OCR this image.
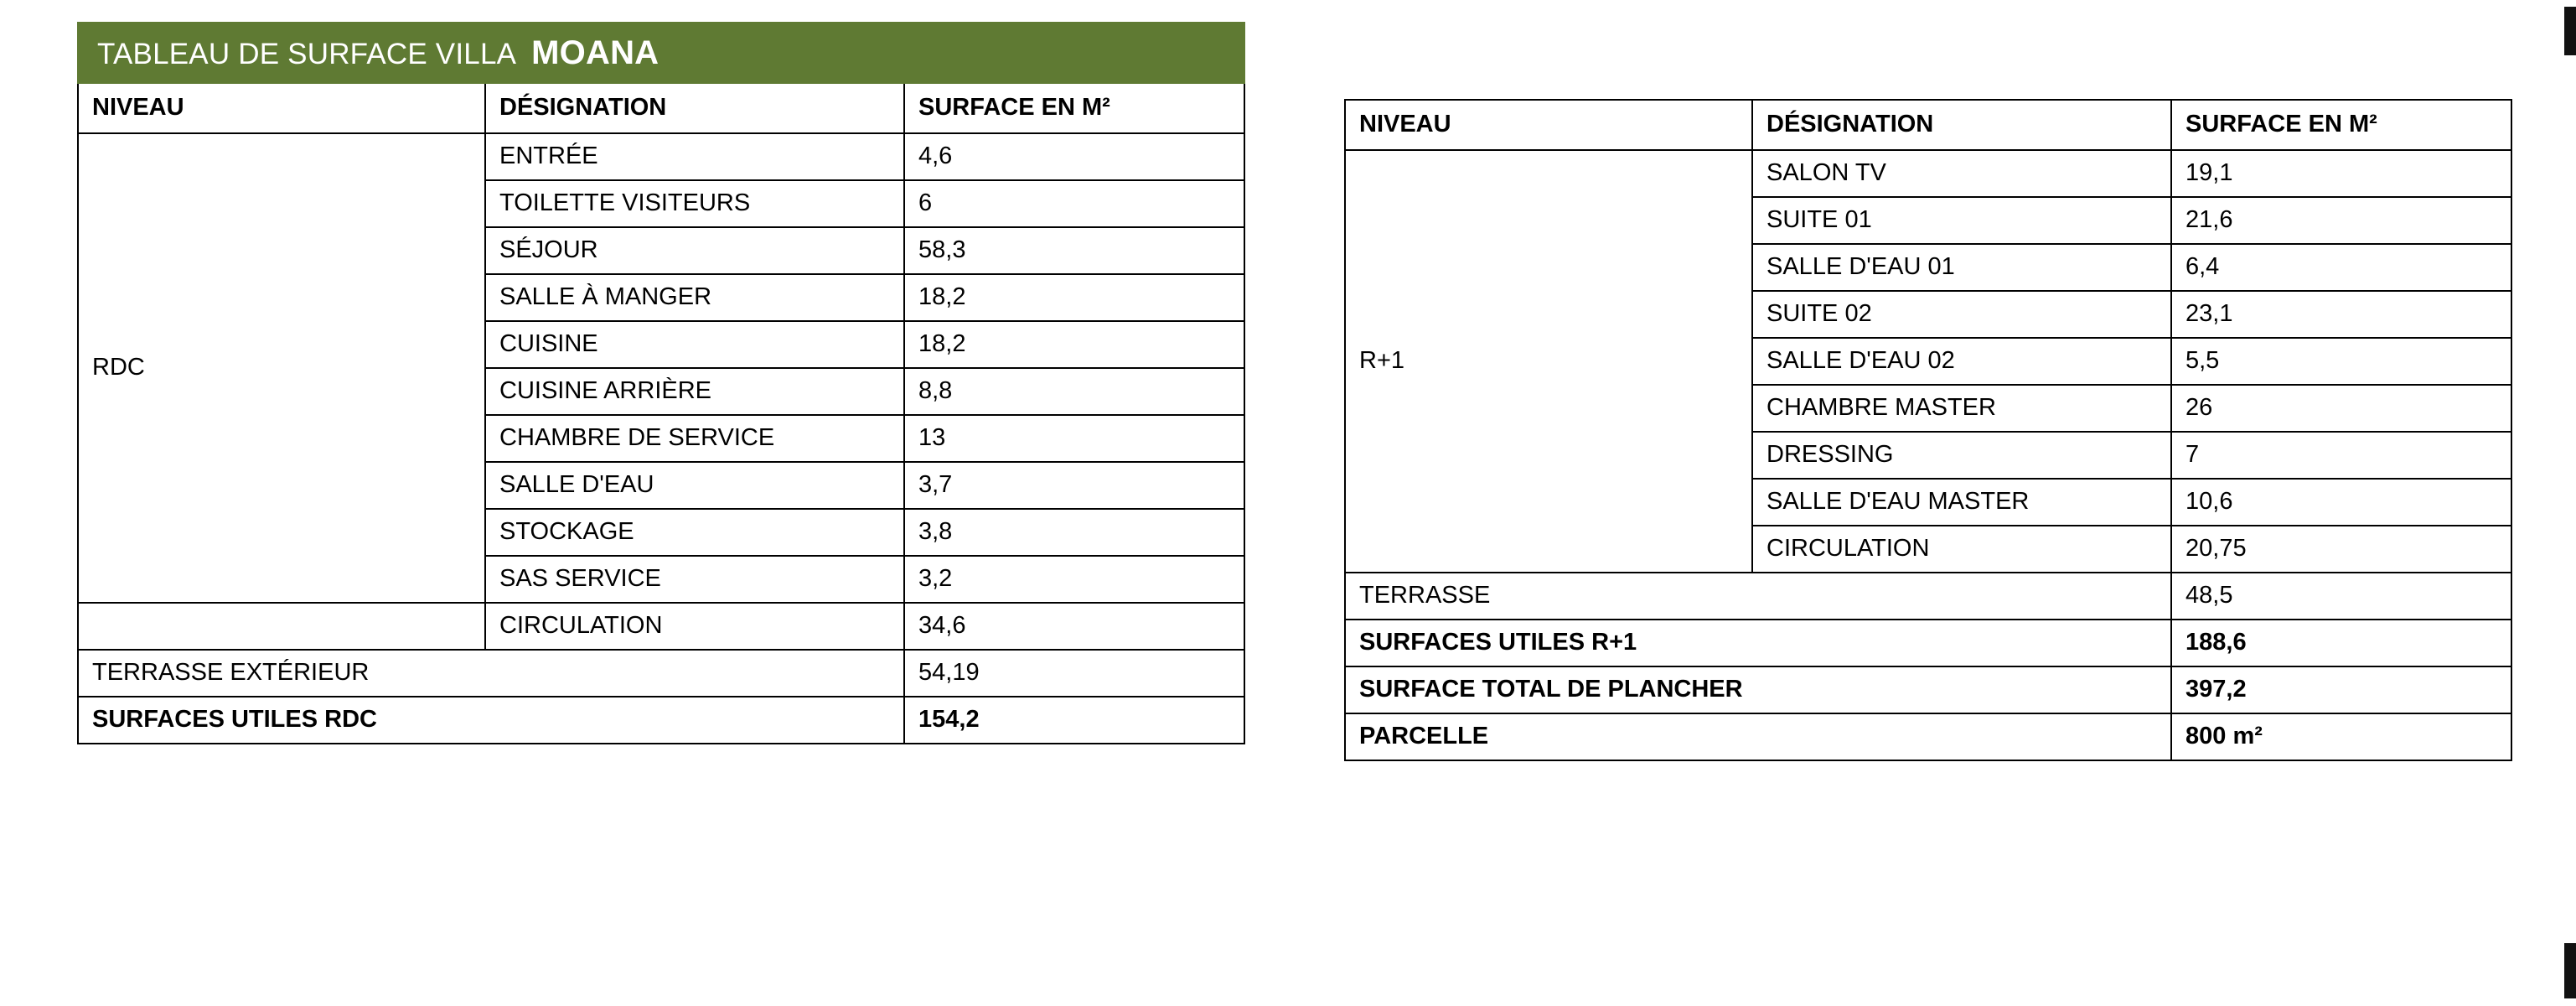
TABLEAU DE SURFACE VILLA MOANA		
NIVEAU	DÉSIGNATION	SURFACE EN M²
RDC	ENTRÉE	4,6
	TOILETTE VISITEURS	6
	SÉJOUR	58,3
	SALLE À MANGER	18,2
	CUISINE	18,2
	CUISINE ARRIÈRE	8,8
	CHAMBRE DE SERVICE	13
	SALLE D'EAU	3,7
	STOCKAGE	3,8
	SAS SERVICE	3,2
	CIRCULATION	34,6
TERRASSE EXTÉRIEUR		54,19
SURFACES UTILES RDC		154,2
NIVEAU	DÉSIGNATION	SURFACE EN M²
R+1	SALON TV	19,1
	SUITE 01	21,6
	SALLE D'EAU 01	6,4
	SUITE 02	23,1
	SALLE D'EAU 02	5,5
	CHAMBRE MASTER	26
	DRESSING	7
	SALLE D'EAU MASTER	10,6
	CIRCULATION	20,75
TERRASSE		48,5
SURFACES UTILES R+1		188,6
SURFACE TOTAL DE PLANCHER		397,2
PARCELLE		800 m²
